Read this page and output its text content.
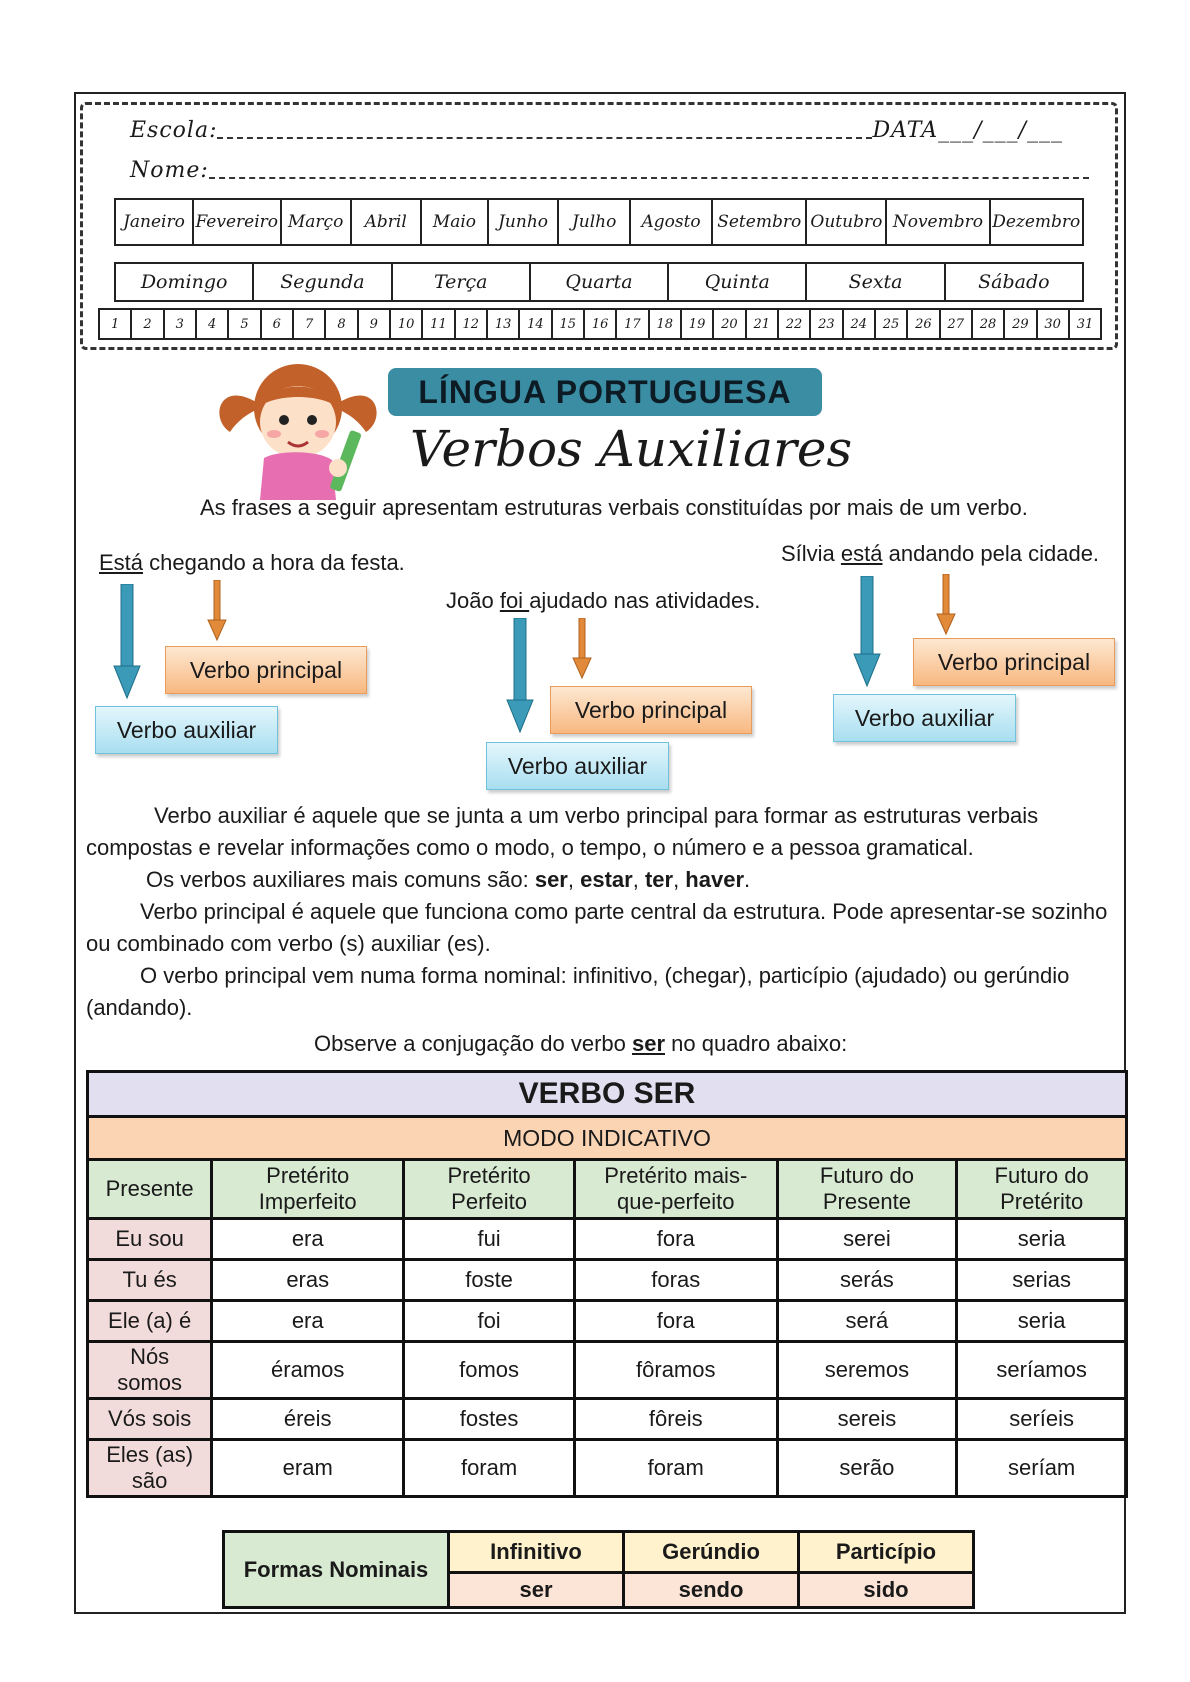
Escola:	DATA___/___/___
Nome:
Janeiro Fevereiro Março	Abril	Maio	Junho	Julho	Agosto Setembro Outubro Novembro Dezembro
Domingo	Segunda	Terça	Quarta	Quinta	Sexta	Sábado
1	2	3	4	5	6	7	8	9	10	11	12	13	14	15	16	17	18	19	20	21	22	23	24	25	26	27	28	29	30	31
LÍNGUA PORTUGUESA
Verbos Auxiliares
As frases a seguir apresentam estruturas verbais constituídas por mais de um verbo.
Está chegando a hora da festa.
João foi ajudado nas atividades.
Sílvia está andando pela cidade.
Verbo principal
Verbo auxiliar
Verbo principal
Verbo auxiliar
Verbo principal
Verbo auxiliar
Verbo auxiliar é aquele que se junta a um verbo principal para formar as estruturas verbais compostas e revelar informações como o modo, o tempo, o número e a pessoa gramatical.
Os verbos auxiliares mais comuns são: ser, estar, ter, haver.
Verbo principal é aquele que funciona como parte central da estrutura. Pode apresentar-se sozinho ou combinado com verbo (s) auxiliar (es).
O verbo principal vem numa forma nominal: infinitivo, (chegar), particípio (ajudado) ou gerúndio (andando).
Observe a conjugação do verbo ser no quadro abaixo:
VERBO SER					
MODO INDICATIVO					
Presente	Pretérito Imperfeito	Pretérito Perfeito	Pretérito mais-que-perfeito	Futuro do Presente	Futuro do Pretérito
Eu sou	era	fui	fora	serei	seria
Tu és	eras	foste	foras	serás	serias
Ele (a) é	era	foi	fora	será	seria
Nós somos	éramos	fomos	fôramos	seremos	seríamos
Vós sois	éreis	fostes	fôreis	sereis	seríeis
Eles (as) são	eram	foram	foram	serão	seríam
Formas Nominais	Infinitivo	Gerúndio	Particípio
	ser	sendo	sido
